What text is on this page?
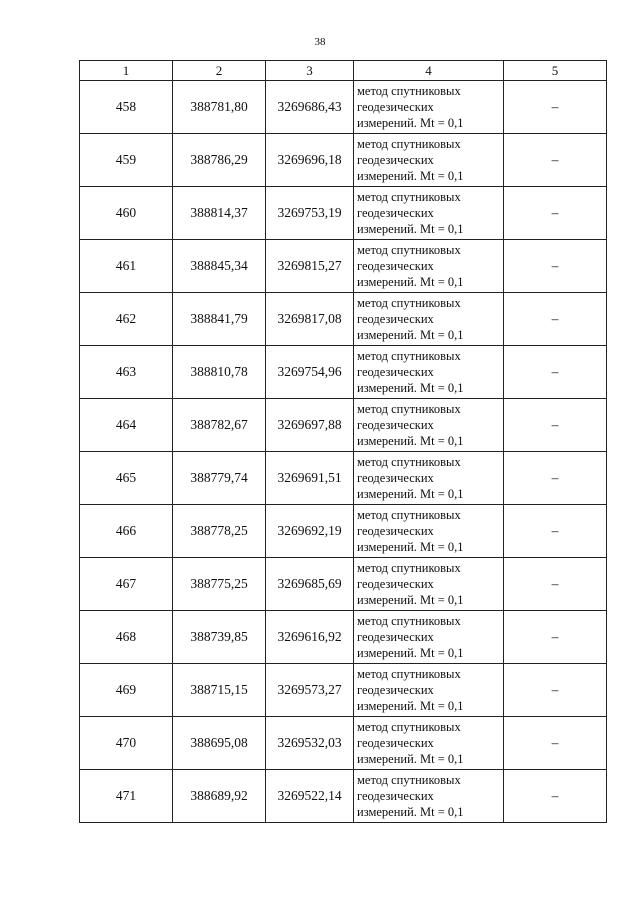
38
1	2	3	4	5
458	388781,80	3269686,43	метод спутниковых
геодезических
измерений. Mt = 0,1	–
459	388786,29	3269696,18	метод спутниковых
геодезических
измерений. Mt = 0,1	–
460	388814,37	3269753,19	метод спутниковых
геодезических
измерений. Mt = 0,1	–
461	388845,34	3269815,27	метод спутниковых
геодезических
измерений. Mt = 0,1	–
462	388841,79	3269817,08	метод спутниковых
геодезических
измерений. Mt = 0,1	–
463	388810,78	3269754,96	метод спутниковых
геодезических
измерений. Mt = 0,1	–
464	388782,67	3269697,88	метод спутниковых
геодезических
измерений. Mt = 0,1	–
465	388779,74	3269691,51	метод спутниковых
геодезических
измерений. Mt = 0,1	–
466	388778,25	3269692,19	метод спутниковых
геодезических
измерений. Mt = 0,1	–
467	388775,25	3269685,69	метод спутниковых
геодезических
измерений. Mt = 0,1	–
468	388739,85	3269616,92	метод спутниковых
геодезических
измерений. Mt = 0,1	–
469	388715,15	3269573,27	метод спутниковых
геодезических
измерений. Mt = 0,1	–
470	388695,08	3269532,03	метод спутниковых
геодезических
измерений. Mt = 0,1	–
471	388689,92	3269522,14	метод спутниковых
геодезических
измерений. Mt = 0,1	–
